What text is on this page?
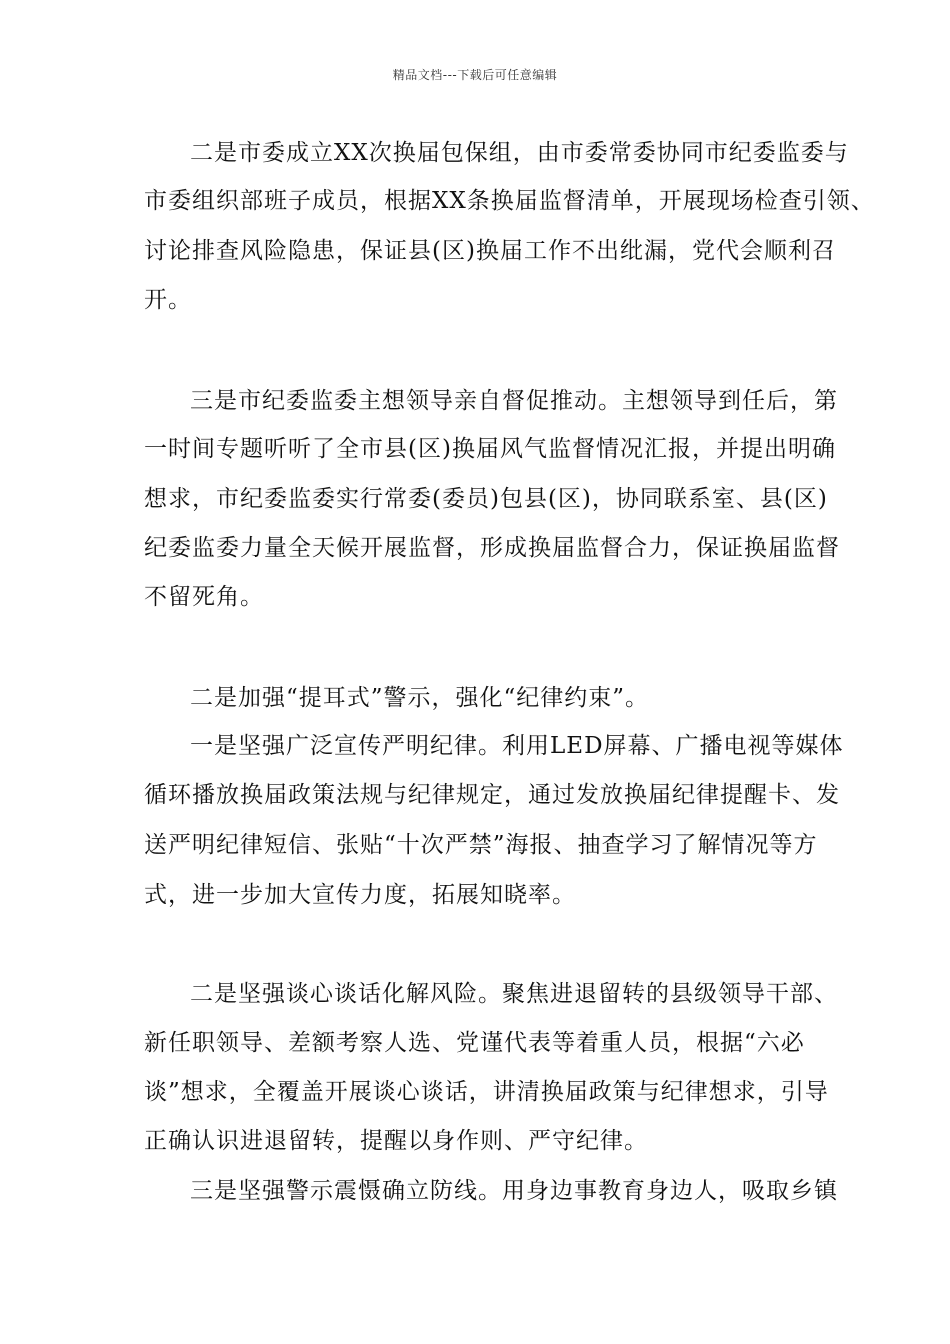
精品文档---下载后可任意编辑
二是市委成立XX次换届包保组，由市委常委协同市纪委监委与
市委组织部班子成员，根据XX条换届监督清单，开展现场检查引领、
讨论排查风险隐患，保证县(区)换届工作不出纰漏，党代会顺利召
开。
三是市纪委监委主想领导亲自督促推动。主想领导到任后，第
一时间专题听听了全市县(区)换届风气监督情况汇报，并提出明确
想求，市纪委监委实行常委(委员)包县(区)，协同联系室、县(区)
纪委监委力量全天候开展监督，形成换届监督合力，保证换届监督
不留死角。
二是加强“提耳式”警示，强化“纪律约束”。
一是坚强广泛宣传严明纪律。利用LED屏幕、广播电视等媒体
循环播放换届政策法规与纪律规定，通过发放换届纪律提醒卡、发
送严明纪律短信、张贴“十次严禁”海报、抽查学习了解情况等方
式，进一步加大宣传力度，拓展知晓率。
二是坚强谈心谈话化解风险。聚焦进退留转的县级领导干部、
新任职领导、差额考察人选、党谨代表等着重人员，根据“六必
谈”想求，全覆盖开展谈心谈话，讲清换届政策与纪律想求，引导
正确认识进退留转，提醒以身作则、严守纪律。
三是坚强警示震慑确立防线。用身边事教育身边人，吸取乡镇
